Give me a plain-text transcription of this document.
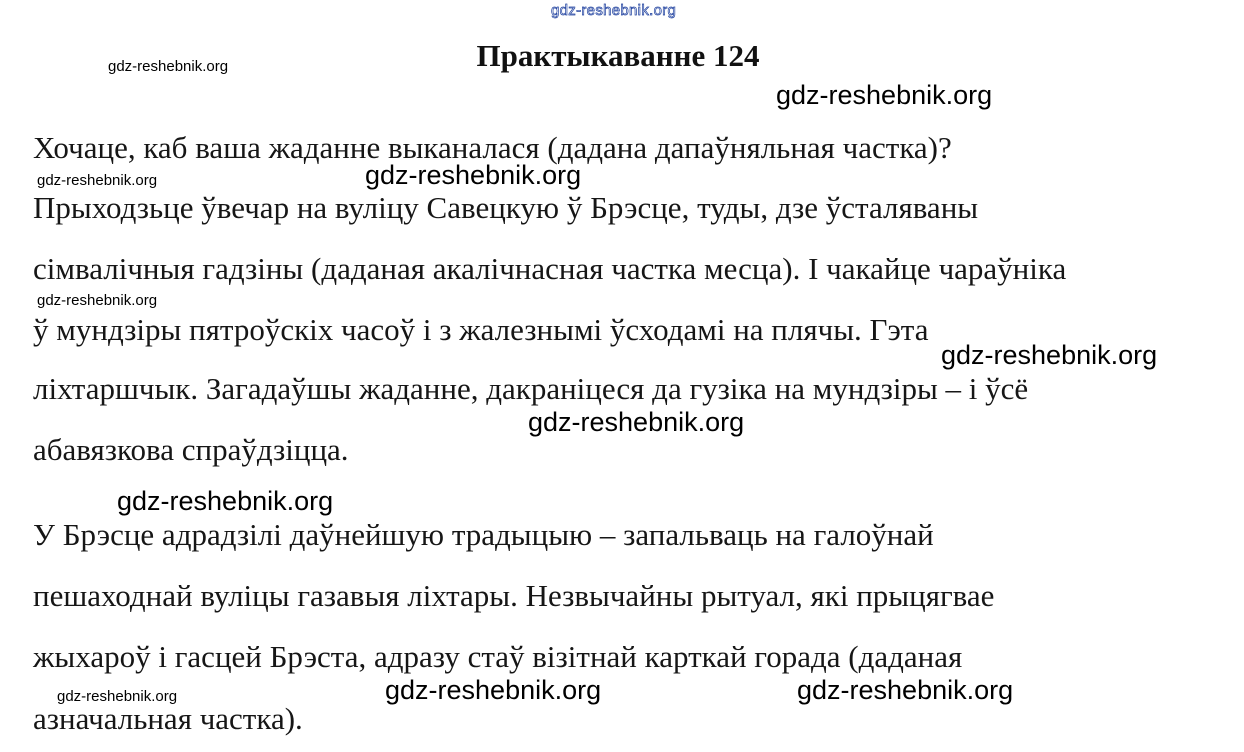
Практыкаванне 124
Хочаце, каб ваша жаданне выканалася (дадана дапаўняльная частка)?
Прыходзьце ўвечар на вуліцу Савецкую ў Брэсце, туды, дзе ўсталяваны
сімвалічныя гадзіны (даданая акалічнасная частка месца). І чакайце чараўніка
ў мундзіры пятроўскіх часоў і з жалезнымі ўсходамі на плячы. Гэта
ліхтаршчык. Загадаўшы жаданне, дакраніцеся да гузіка на мундзіры – і ўсё
абавязкова спраўдзіцца.
У Брэсце адрадзілі даўнейшую традыцыю – запальваць на галоўнай
пешаходнай вуліцы газавыя ліхтары. Незвычайны рытуал, які прыцягвае
жыхароў і гасцей Брэста, адразу стаў візітнай карткай горада (даданая
азначальная частка).
gdz-reshebnik.org
gdz-reshebnik.org
gdz-reshebnik.org
gdz-reshebnik.org
gdz-reshebnik.org
gdz-reshebnik.org
gdz-reshebnik.org
gdz-reshebnik.org
gdz-reshebnik.org
gdz-reshebnik.org	gdz-reshebnik.org
gdz-reshebnik.org
